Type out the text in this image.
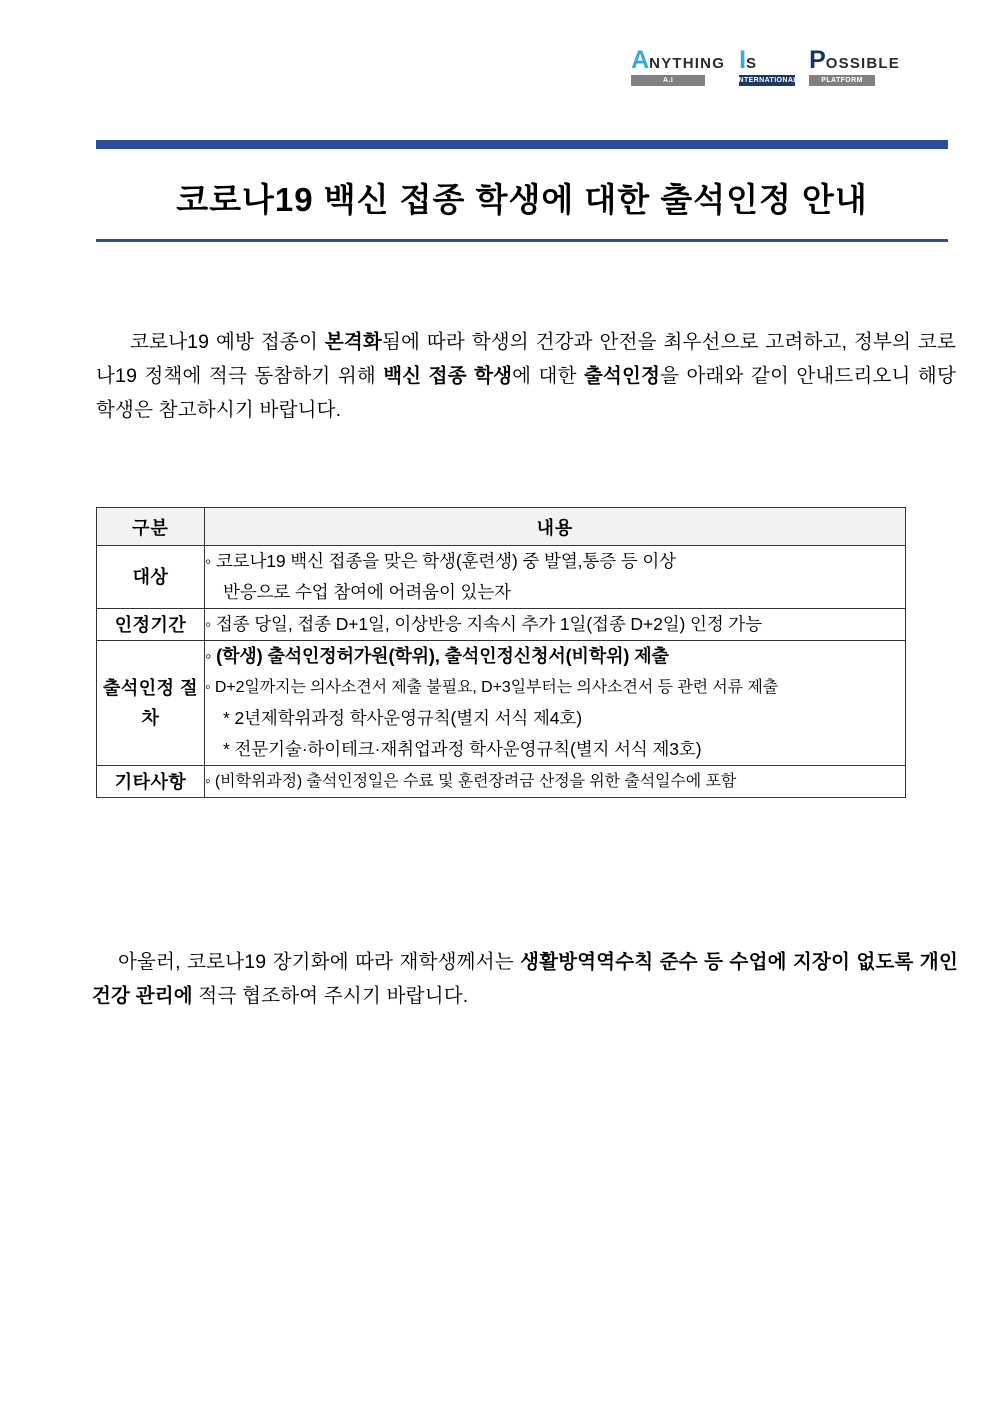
A NYTHING
A.I
I S
INTERNATIONAL
P OSSIBLE
PLATFORM
코로나19 백신 접종 학생에 대한 출석인정 안내
코로나19 예방 접종이 본격화됨에 따라 학생의 건강과 안전을 최우선으로 고려하고, 정부의 코로나19 정책에 적극 동참하기 위해 백신 접종 학생에 대한 출석인정을 아래와 같이 안내드리오니 해당 학생은 참고하시기 바랍니다.
구분	내용
대상	◦ 코로나19 백신 접종을 맞은 학생(훈련생) 중 발열,통증 등 이상
반응으로 수업 참여에 어려움이 있는자

인정기간	◦ 접종 당일, 접종 D+1일, 이상반응 지속시 추가 1일(접종 D+2일) 인정 가능

출석인정 절차	◦ (학생) 출석인정허가원(학위), 출석인정신청서(비학위) 제출
◦ D+2일까지는 의사소견서 제출 불필요, D+3일부터는 의사소견서 등 관련 서류 제출
* 2년제학위과정 학사운영규칙(별지 서식 제4호)
* 전문기술·하이테크·재취업과정 학사운영규칙(별지 서식 제3호)

기타사항	◦ (비학위과정) 출석인정일은 수료 및 훈련장려금 산정을 위한 출석일수에 포함
아울러, 코로나19 장기화에 따라 재학생께서는 생활방역역수칙 준수 등 수업에 지장이 없도록 개인 건강 관리에 적극 협조하여 주시기 바랍니다.
